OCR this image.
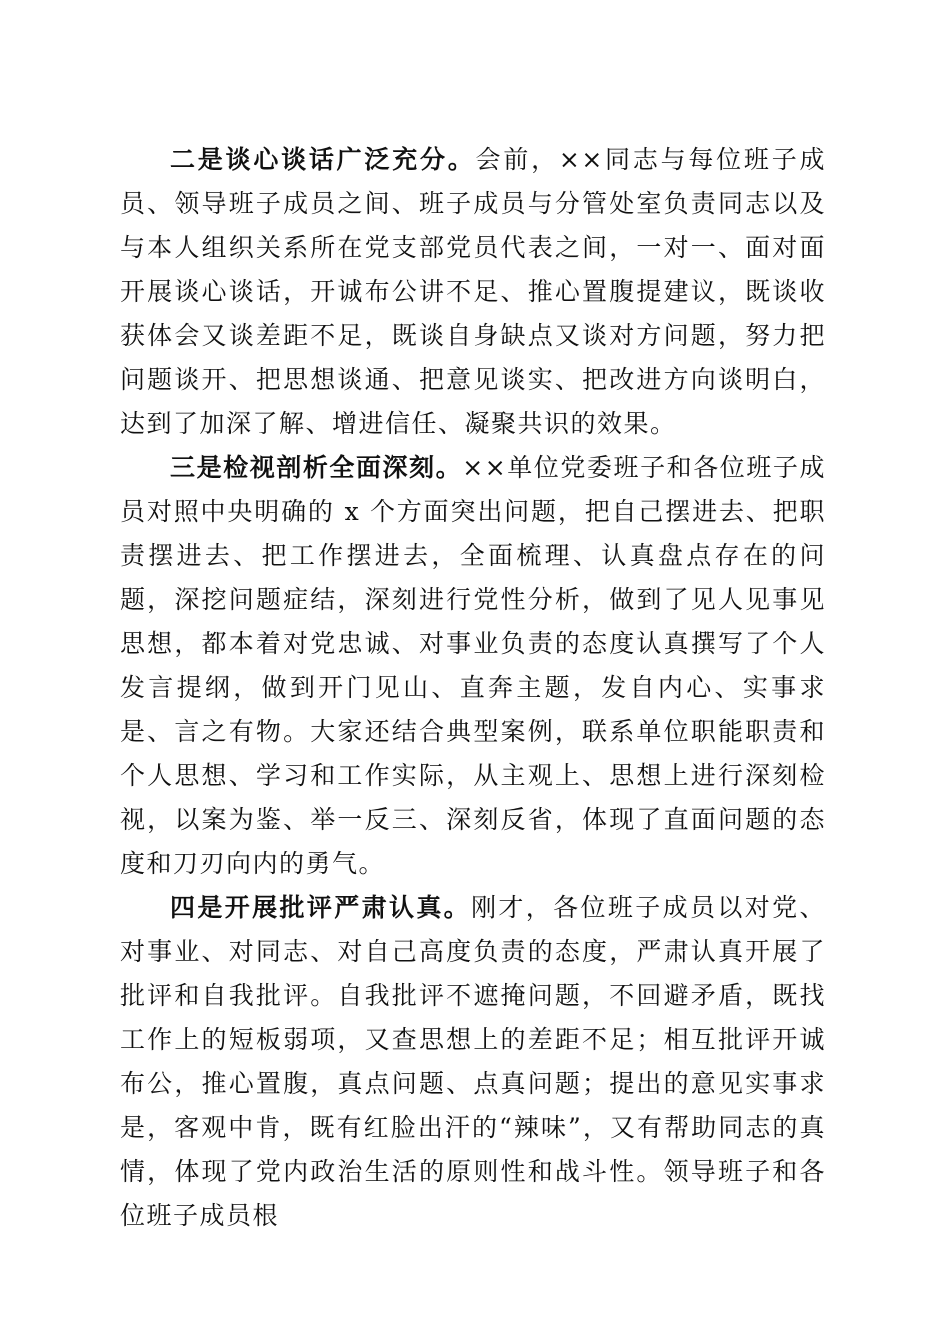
二是谈心谈话广泛充分。会前，××同志与每位班子成员、领导班子成员之间、班子成员与分管处室负责同志以及与本人组织关系所在党支部党员代表之间，一对一、面对面开展谈心谈话，开诚布公讲不足、推心置腹提建议，既谈收获体会又谈差距不足，既谈自身缺点又谈对方问题，努力把问题谈开、把思想谈通、把意见谈实、把改进方向谈明白，达到了加深了解、增进信任、凝聚共识的效果。

三是检视剖析全面深刻。××单位党委班子和各位班子成员对照中央明确的 x 个方面突出问题，把自己摆进去、把职责摆进去、把工作摆进去，全面梳理、认真盘点存在的问题，深挖问题症结，深刻进行党性分析，做到了见人见事见思想，都本着对党忠诚、对事业负责的态度认真撰写了个人发言提纲，做到开门见山、直奔主题，发自内心、实事求是、言之有物。大家还结合典型案例，联系单位职能职责和个人思想、学习和工作实际，从主观上、思想上进行深刻检视，以案为鉴、举一反三、深刻反省，体现了直面问题的态度和刀刃向内的勇气。

四是开展批评严肃认真。刚才，各位班子成员以对党、对事业、对同志、对自己高度负责的态度，严肃认真开展了批评和自我批评。自我批评不遮掩问题，不回避矛盾，既找工作上的短板弱项，又查思想上的差距不足；相互批评开诚布公，推心置腹，真点问题、点真问题；提出的意见实事求是，客观中肯，既有红脸出汗的“辣味”，又有帮助同志的真情，体现了党内政治生活的原则性和战斗性。领导班子和各位班子成员根
